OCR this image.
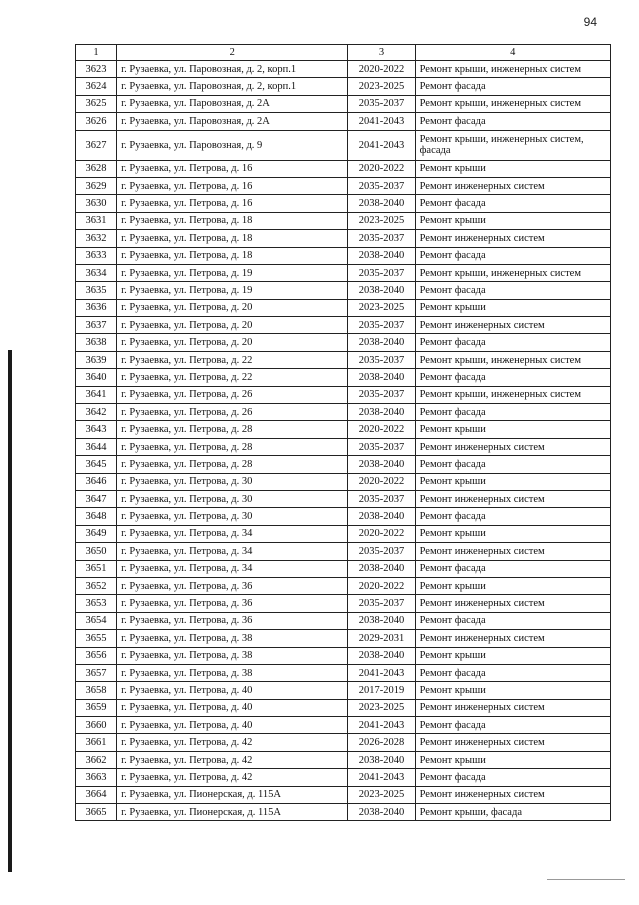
94
1	2	3	4
3623	г. Рузаевка, ул. Паровозная, д. 2, корп.1	2020-2022	Ремонт крыши, инженерных систем
3624	г. Рузаевка, ул. Паровозная, д. 2, корп.1	2023-2025	Ремонт фасада
3625	г. Рузаевка, ул. Паровозная, д. 2А	2035-2037	Ремонт крыши, инженерных систем
3626	г. Рузаевка, ул. Паровозная, д. 2А	2041-2043	Ремонт фасада
3627	г. Рузаевка, ул. Паровозная, д. 9	2041-2043	Ремонт крыши, инженерных систем, фасада
3628	г. Рузаевка, ул. Петрова, д. 16	2020-2022	Ремонт крыши
3629	г. Рузаевка, ул. Петрова, д. 16	2035-2037	Ремонт инженерных систем
3630	г. Рузаевка, ул. Петрова, д. 16	2038-2040	Ремонт фасада
3631	г. Рузаевка, ул. Петрова, д. 18	2023-2025	Ремонт крыши
3632	г. Рузаевка, ул. Петрова, д. 18	2035-2037	Ремонт инженерных систем
3633	г. Рузаевка, ул. Петрова, д. 18	2038-2040	Ремонт фасада
3634	г. Рузаевка, ул. Петрова, д. 19	2035-2037	Ремонт крыши, инженерных систем
3635	г. Рузаевка, ул. Петрова, д. 19	2038-2040	Ремонт фасада
3636	г. Рузаевка, ул. Петрова, д. 20	2023-2025	Ремонт крыши
3637	г. Рузаевка, ул. Петрова, д. 20	2035-2037	Ремонт инженерных систем
3638	г. Рузаевка, ул. Петрова, д. 20	2038-2040	Ремонт фасада
3639	г. Рузаевка, ул. Петрова, д. 22	2035-2037	Ремонт крыши, инженерных систем
3640	г. Рузаевка, ул. Петрова, д. 22	2038-2040	Ремонт фасада
3641	г. Рузаевка, ул. Петрова, д. 26	2035-2037	Ремонт крыши, инженерных систем
3642	г. Рузаевка, ул. Петрова, д. 26	2038-2040	Ремонт фасада
3643	г. Рузаевка, ул. Петрова, д. 28	2020-2022	Ремонт крыши
3644	г. Рузаевка, ул. Петрова, д. 28	2035-2037	Ремонт инженерных систем
3645	г. Рузаевка, ул. Петрова, д. 28	2038-2040	Ремонт фасада
3646	г. Рузаевка, ул. Петрова, д. 30	2020-2022	Ремонт крыши
3647	г. Рузаевка, ул. Петрова, д. 30	2035-2037	Ремонт инженерных систем
3648	г. Рузаевка, ул. Петрова, д. 30	2038-2040	Ремонт фасада
3649	г. Рузаевка, ул. Петрова, д. 34	2020-2022	Ремонт крыши
3650	г. Рузаевка, ул. Петрова, д. 34	2035-2037	Ремонт инженерных систем
3651	г. Рузаевка, ул. Петрова, д. 34	2038-2040	Ремонт фасада
3652	г. Рузаевка, ул. Петрова, д. 36	2020-2022	Ремонт крыши
3653	г. Рузаевка, ул. Петрова, д. 36	2035-2037	Ремонт инженерных систем
3654	г. Рузаевка, ул. Петрова, д. 36	2038-2040	Ремонт фасада
3655	г. Рузаевка, ул. Петрова, д. 38	2029-2031	Ремонт инженерных систем
3656	г. Рузаевка, ул. Петрова, д. 38	2038-2040	Ремонт крыши
3657	г. Рузаевка, ул. Петрова, д. 38	2041-2043	Ремонт фасада
3658	г. Рузаевка, ул. Петрова, д. 40	2017-2019	Ремонт крыши
3659	г. Рузаевка, ул. Петрова, д. 40	2023-2025	Ремонт инженерных систем
3660	г. Рузаевка, ул. Петрова, д. 40	2041-2043	Ремонт фасада
3661	г. Рузаевка, ул. Петрова, д. 42	2026-2028	Ремонт инженерных систем
3662	г. Рузаевка, ул. Петрова, д. 42	2038-2040	Ремонт крыши
3663	г. Рузаевка, ул. Петрова, д. 42	2041-2043	Ремонт фасада
3664	г. Рузаевка, ул. Пионерская, д. 115А	2023-2025	Ремонт инженерных систем
3665	г. Рузаевка, ул. Пионерская, д. 115А	2038-2040	Ремонт крыши, фасада
